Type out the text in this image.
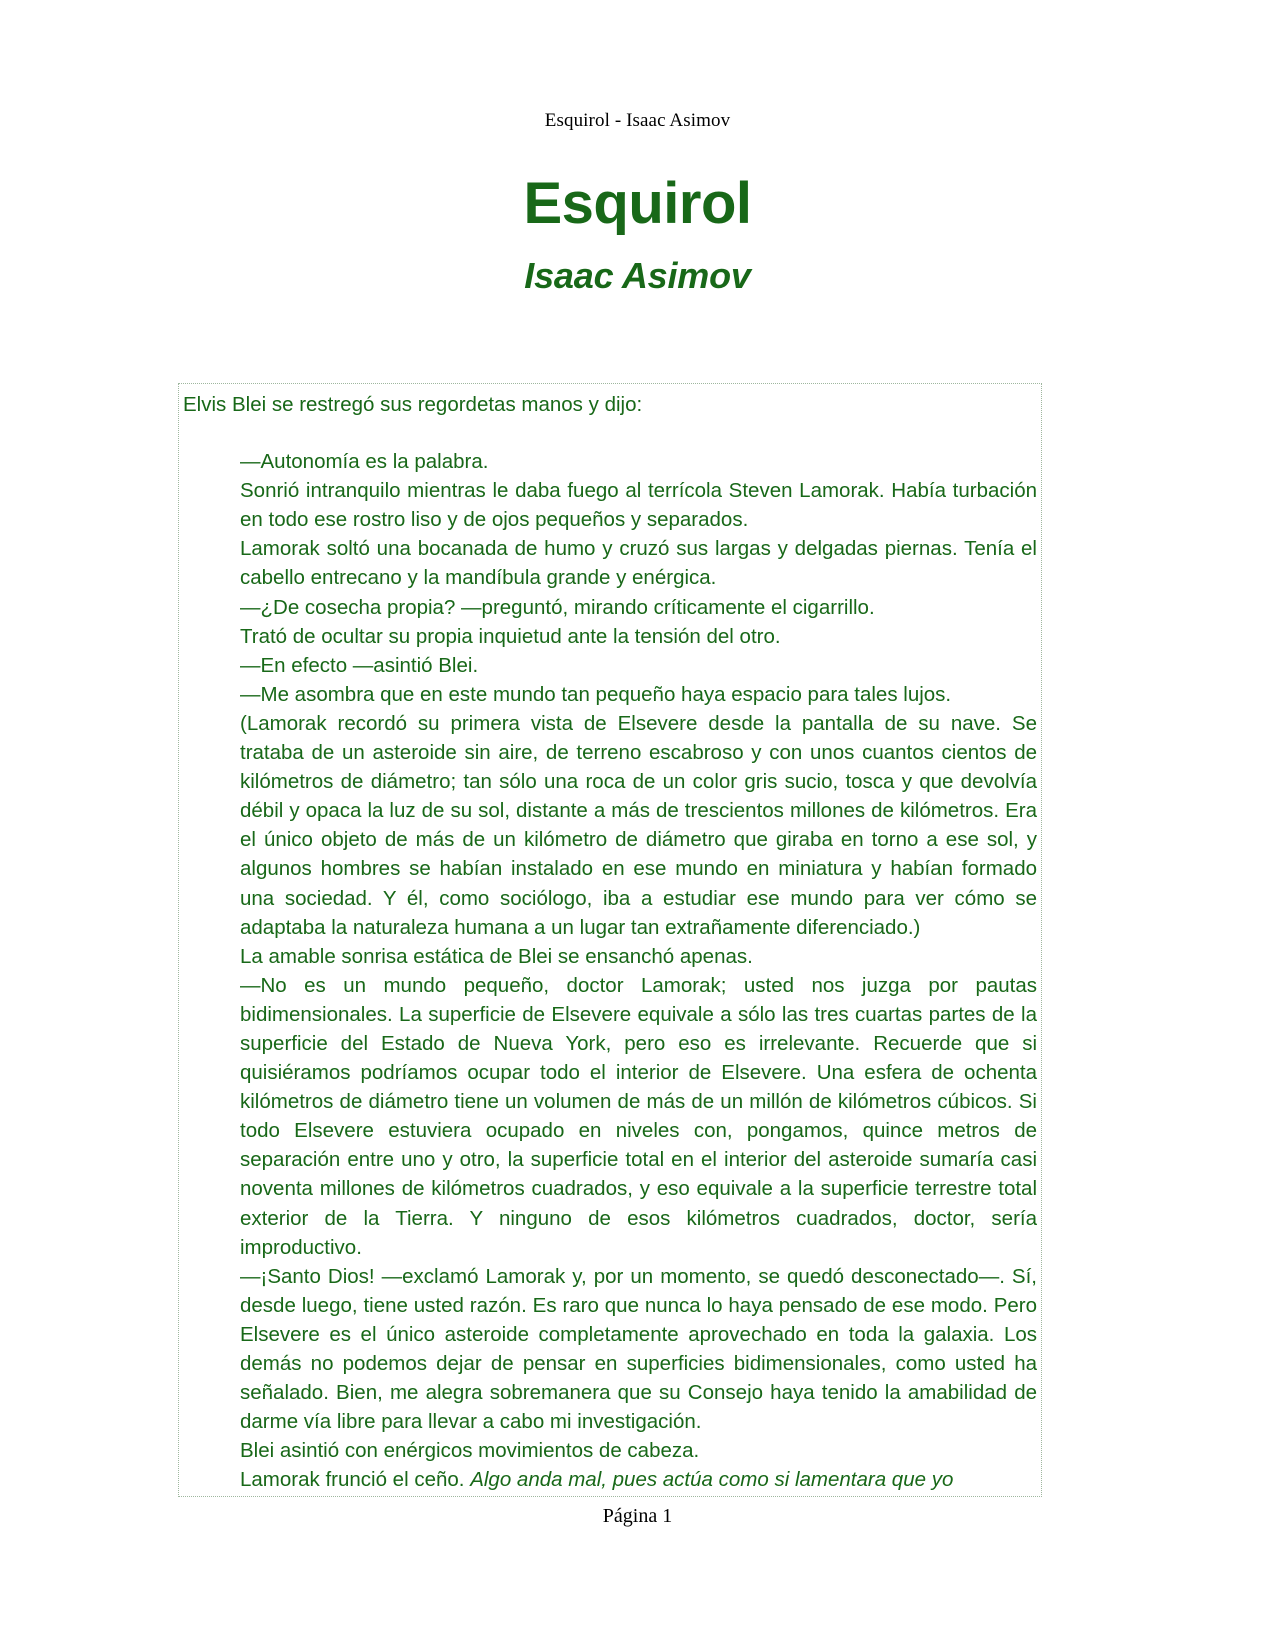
Esquirol - Isaac Asimov
Esquirol
Isaac Asimov

Elvis Blei se restregó sus regordetas manos y dijo:

—Autonomía es la palabra.

Sonrió intranquilo mientras le daba fuego al terrícola Steven Lamorak. Había turbación en todo ese rostro liso y de ojos pequeños y separados.

Lamorak soltó una bocanada de humo y cruzó sus largas y delgadas piernas. Tenía el cabello entrecano y la mandíbula grande y enérgica.

—¿De cosecha propia? —preguntó, mirando críticamente el cigarrillo.

Trató de ocultar su propia inquietud ante la tensión del otro.

—En efecto —asintió Blei.

—Me asombra que en este mundo tan pequeño haya espacio para tales lujos.

(Lamorak recordó su primera vista de Elsevere desde la pantalla de su nave. Se trataba de un asteroide sin aire, de terreno escabroso y con unos cuantos cientos de kilómetros de diámetro; tan sólo una roca de un color gris sucio, tosca y que devolvía débil y opaca la luz de su sol, distante a más de trescientos millones de kilómetros. Era el único objeto de más de un kilómetro de diámetro que giraba en torno a ese sol, y algunos hombres se habían instalado en ese mundo en miniatura y habían formado una sociedad. Y él, como sociólogo, iba a estudiar ese mundo para ver cómo se adaptaba la naturaleza humana a un lugar tan extrañamente diferenciado.)

La amable sonrisa estática de Blei se ensanchó apenas.

—No es un mundo pequeño, doctor Lamorak; usted nos juzga por pautas bidimensionales. La superficie de Elsevere equivale a sólo las tres cuartas partes de la superficie del Estado de Nueva York, pero eso es irrelevante. Recuerde que si quisiéramos podríamos ocupar todo el interior de Elsevere. Una esfera de ochenta kilómetros de diámetro tiene un volumen de más de un millón de kilómetros cúbicos. Si todo Elsevere estuviera ocupado en niveles con, pongamos, quince metros de separación entre uno y otro, la superficie total en el interior del asteroide sumaría casi noventa millones de kilómetros cuadrados, y eso equivale a la superficie terrestre total exterior de la Tierra. Y ninguno de esos kilómetros cuadrados, doctor, sería improductivo.

—¡Santo Dios! —exclamó Lamorak y, por un momento, se quedó desconectado—. Sí, desde luego, tiene usted razón. Es raro que nunca lo haya pensado de ese modo. Pero Elsevere es el único asteroide completamente aprovechado en toda la galaxia. Los demás no podemos dejar de pensar en superficies bidimensionales, como usted ha señalado. Bien, me alegra sobremanera que su Consejo haya tenido la amabilidad de darme vía libre para llevar a cabo mi investigación.

Blei asintió con enérgicos movimientos de cabeza.

Lamorak frunció el ceño. Algo anda mal, pues actúa como si lamentara que yo

Página 1
